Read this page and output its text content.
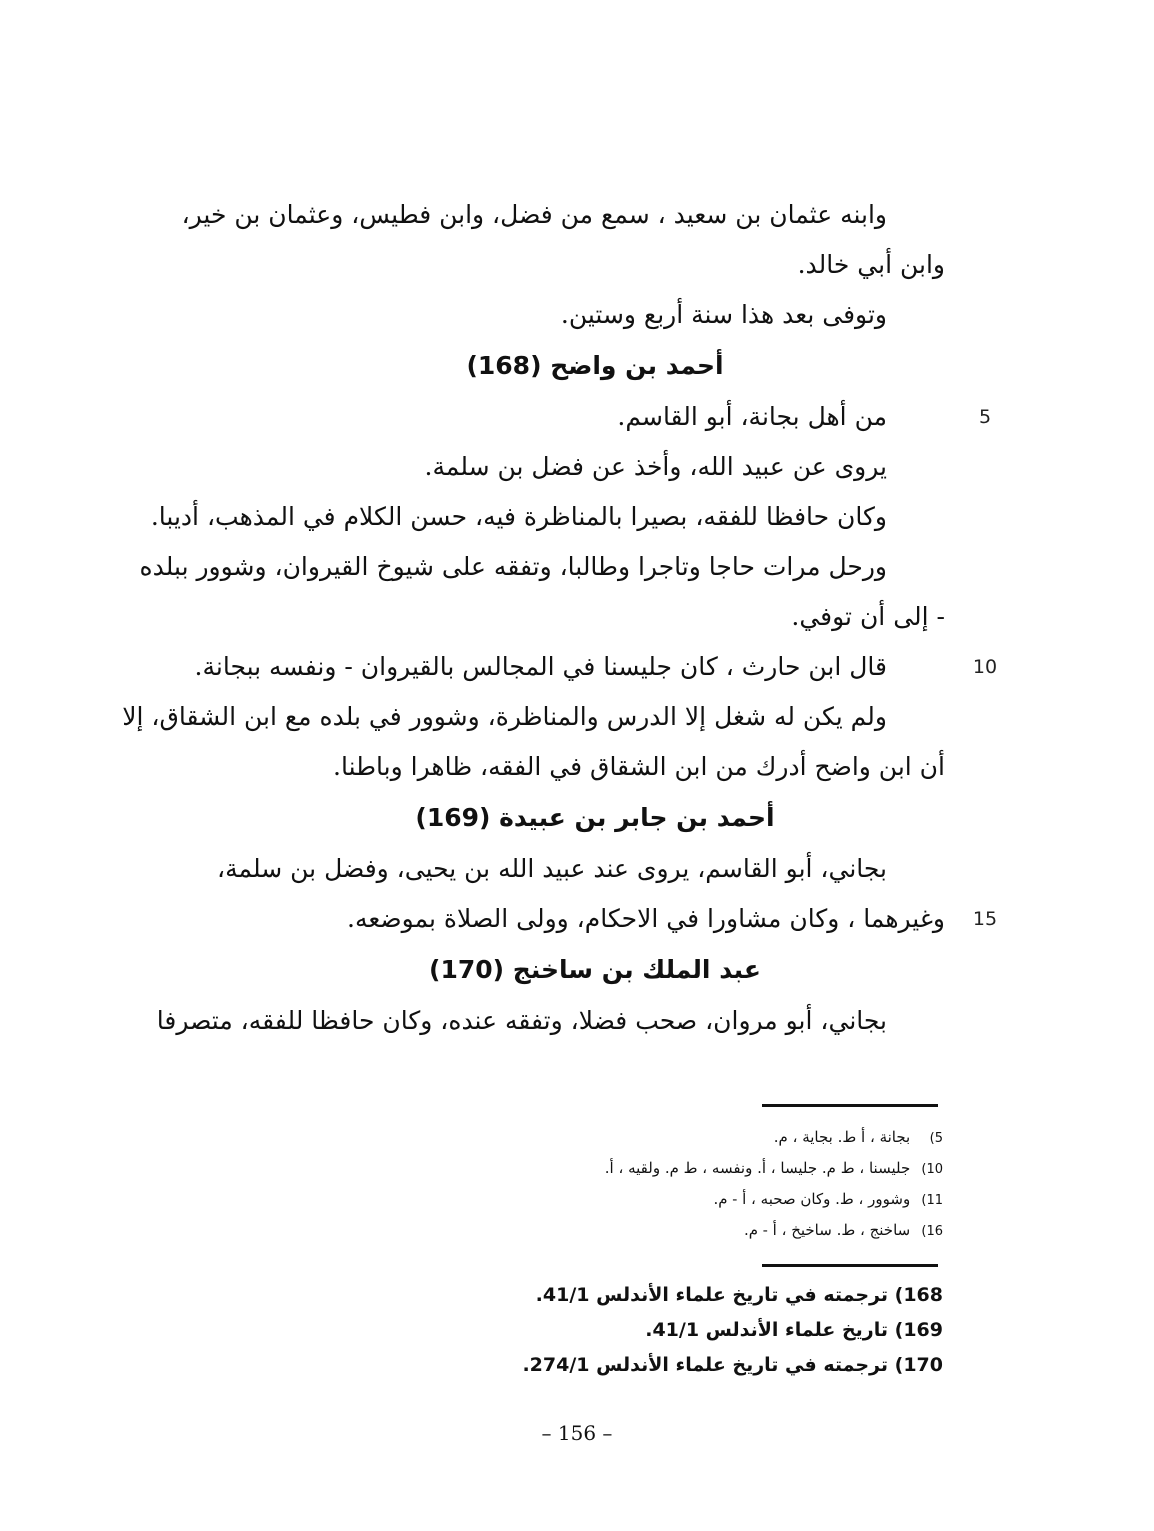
وابنه عثمان بن سعيد ، سمع من فضل، وابن فطيس، وعثمان بن خير،
وابن أبي خالد.
وتوفى بعد هذا سنة أربع وستين.
أحمد بن واضح (168)
من أهل بجانة، أبو القاسم.	5
يروى عن عبيد الله، وأخذ عن فضل بن سلمة.
وكان حافظا للفقه، بصيرا بالمناظرة فيه، حسن الكلام في المذهب، أديبا.
ورحل مرات حاجا وتاجرا وطالبا، وتفقه على شيوخ القيروان، وشوور ببلده
- إلى أن توفي.
قال ابن حارث ، كان جليسنا في المجالس بالقيروان - ونفسه ببجانة.	10
ولم يكن له شغل إلا الدرس والمناظرة، وشوور في بلده مع ابن الشقاق، إلا
أن ابن واضح أدرك من ابن الشقاق في الفقه، ظاهرا وباطنا.
أحمد بن جابر بن عبيدة (169)
بجاني، أبو القاسم، يروى عند عبيد الله بن يحيى، وفضل بن سلمة،
وغيرهما ، وكان مشاورا في الاحكام، وولى الصلاة بموضعه.	15
عبد الملك بن ساخنج (170)
بجاني، أبو مروان، صحب فضلا، وتفقه عنده، وكان حافظا للفقه، متصرفا
5) بجانة ، أ ط. بجاية ، م.
10) جليسنا ، ط م. جليسا ، أ. ونفسه ، ط م. ولقيه ، أ.
11) وشوور ، ط. وكان صحبه ، أ - م.
16) ساخنج ، ط. ساخيخ ، أ - م.
168) ترجمته في تاريخ علماء الأندلس 41/1.
169) تاريخ علماء الأندلس 41/1.
170) ترجمته في تاريخ علماء الأندلس 274/1.
– 156 –
